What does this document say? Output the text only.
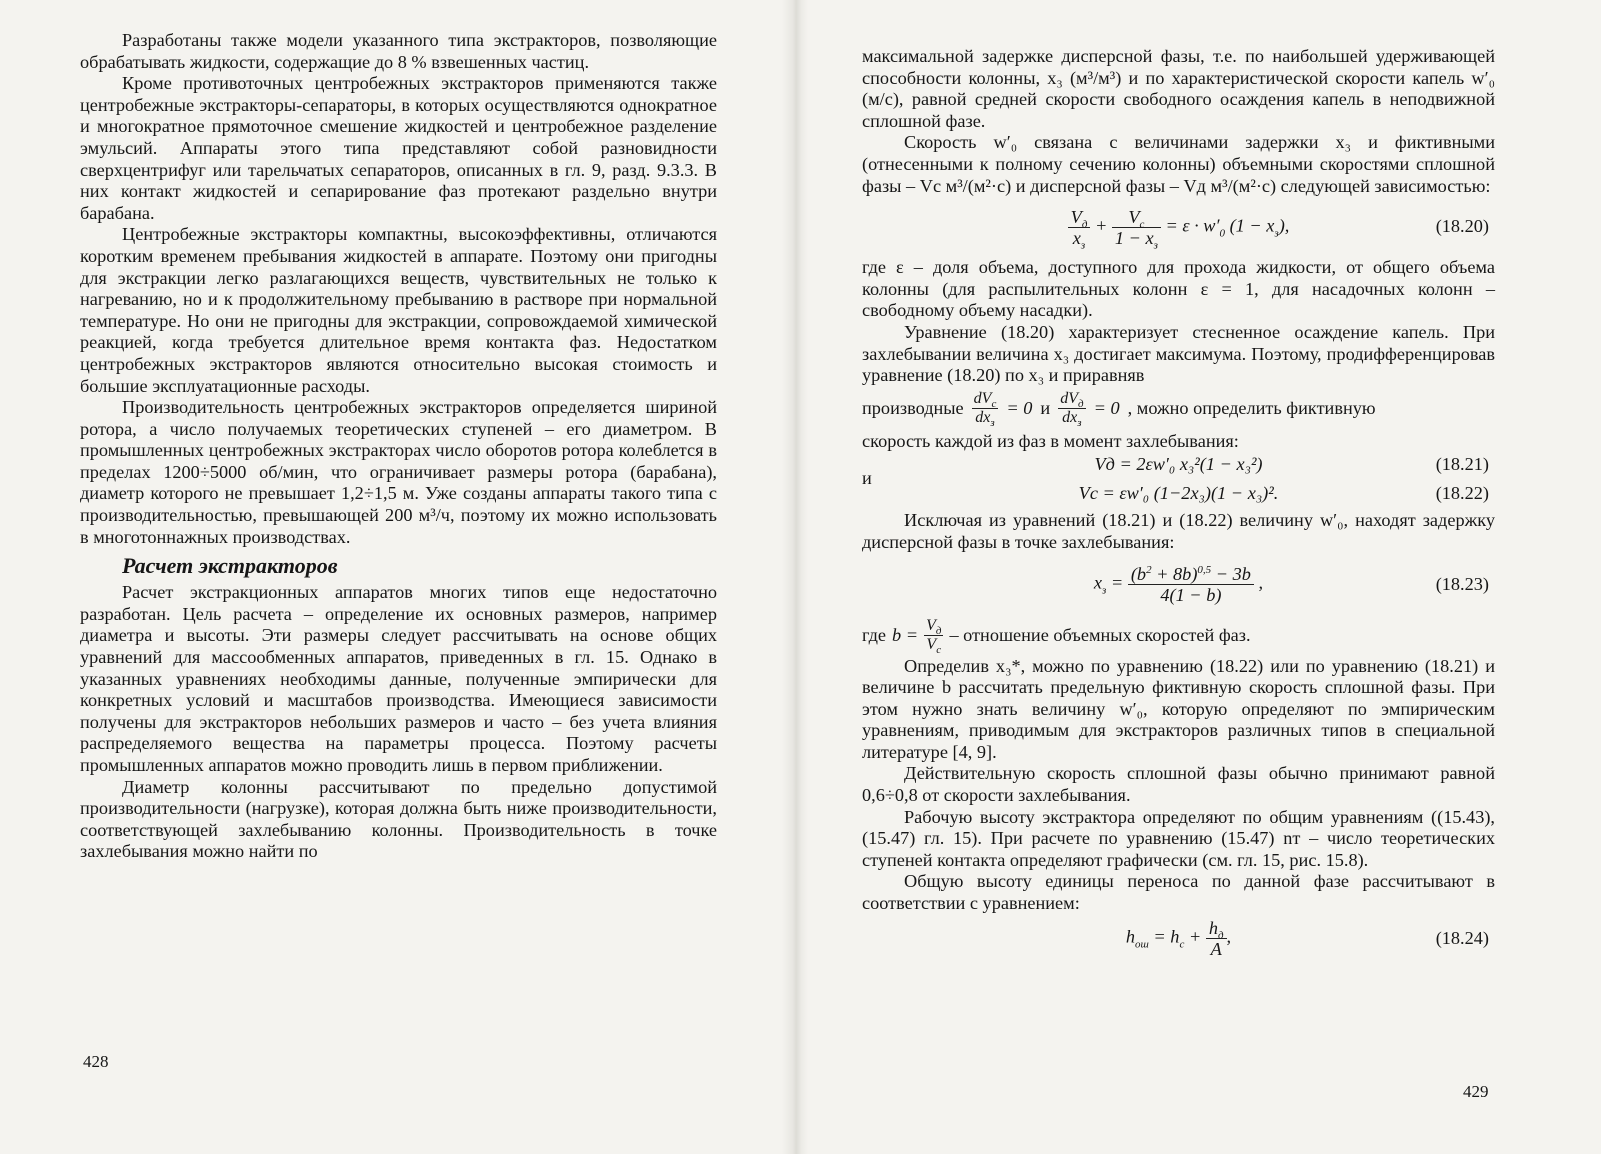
Разработаны также модели указанного типа экстракторов, позволяющие обрабатывать жидкости, содержащие до 8 % взвешенных частиц.

Кроме противоточных центробежных экстракторов применяются также центробежные экстракторы-сепараторы, в которых осуществляются однократное и многократное прямоточное смешение жидкостей и центробежное разделение эмульсий. Аппараты этого типа представляют собой разновидности сверхцентрифуг или тарельчатых сепараторов, описанных в гл. 9, разд. 9.3.3. В них контакт жидкостей и сепарирование фаз протекают раздельно внутри барабана.

Центробежные экстракторы компактны, высокоэффективны, отличаются коротким временем пребывания жидкостей в аппарате. Поэтому они пригодны для экстракции легко разлагающихся веществ, чувствительных не только к нагреванию, но и к продолжительному пребыванию в растворе при нормальной температуре. Но они не пригодны для экстракции, сопровождаемой химической реакцией, когда требуется длительное время контакта фаз. Недостатком центробежных экстракторов являются относительно высокая стоимость и большие эксплуатационные расходы.

Производительность центробежных экстракторов определяется шириной ротора, а число получаемых теоретических ступеней – его диаметром. В промышленных центробежных экстракторах число оборотов ротора колеблется в пределах 1200÷5000 об/мин, что ограничивает размеры ротора (барабана), диаметр которого не превышает 1,2÷1,5 м. Уже созданы аппараты такого типа с производительностью, превышающей 200 м³/ч, поэтому их можно использовать в многотоннажных производствах.

Расчет экстракторов

Расчет экстракционных аппаратов многих типов еще недостаточно разработан. Цель расчета – определение их основных размеров, например диаметра и высоты. Эти размеры следует рассчитывать на основе общих уравнений для массообменных аппаратов, приведенных в гл. 15. Однако в указанных уравнениях необходимы данные, полученные эмпирически для конкретных условий и масштабов производства. Имеющиеся зависимости получены для экстракторов небольших размеров и часто – без учета влияния распределяемого вещества на параметры процесса. Поэтому расчеты промышленных аппаратов можно проводить лишь в первом приближении.

Диаметр колонны рассчитывают по предельно допустимой производительности (нагрузке), которая должна быть ниже производительности, соответствующей захлебыванию колонны. Производительность в точке захлебывания можно найти по

428

максимальной задержке дисперсной фазы, т.е. по наибольшей удерживающей способности колонны, x₃ (м³/м³) и по характеристической скорости капель w′₀ (м/с), равной средней скорости свободного осаждения капель в неподвижной сплошной фазе.

Скорость w′₀ связана с величинами задержки x₃ и фиктивными (отнесенными к полному сечению колонны) объемными скоростями сплошной фазы – Vс м³/(м²·с) и дисперсной фазы – Vд м³/(м²·с) следующей зависимостью:

$\frac{V_д}{x_з} + \frac{V_с}{1 - x_з} = \varepsilon \cdot w'_0$ $(1 - x_з)$,	(18.20)

где ε – доля объема, доступного для прохода жидкости, от общего объема колонны (для распылительных колонн ε = 1, для насадочных колонн – свободному объему насадки).

Уравнение (18.20) характеризует стесненное осаждение капель. При захлебывании величина x₃ достигает максимума. Поэтому, продифференцировав уравнение (18.20) по x₃ и приравняв

производные $\frac{dV_с}{dx_з} = 0$ и $\frac{dV_д}{dx_з} = 0$ , можно определить фиктивную

скорость каждой из фаз в момент захлебывания:

Vд = 2εw′₀ x₃²(1 − x₃²)	(18.21)
и
Vс = εw′₀ (1−2x₃)(1 − x₃)².	(18.22)

Исключая из уравнений (18.21) и (18.22) величину w′₀, находят задержку дисперсной фазы в точке захлебывания:

$x_з = \frac{(b^2 + 8b)^{0,5} - 3b}{4(1 - b)}$ ,	(18.23)
где $b = \frac{V_д}{V_с}$ – отношение объемных скоростей фаз.

Определив x₃*, можно по уравнению (18.22) или по уравнению (18.21) и величине b рассчитать предельную фиктивную скорость сплошной фазы. При этом нужно знать величину w′₀, которую определяют по эмпирическим уравнениям, приводимым для экстракторов различных типов в специальной литературе [4, 9].

Действительную скорость сплошной фазы обычно принимают равной 0,6÷0,8 от скорости захлебывания.

Рабочую высоту экстрактора определяют по общим уравнениям ((15.43), (15.47) гл. 15). При расчете по уравнению (15.47) nт – число теоретических ступеней контакта определяют графически (см. гл. 15, рис. 15.8).

Общую высоту единицы переноса по данной фазе рассчитывают в соответствии с уравнением:

$h_{ош} = h_с + \frac{h_д}{A}$ ,	(18.24)
429
